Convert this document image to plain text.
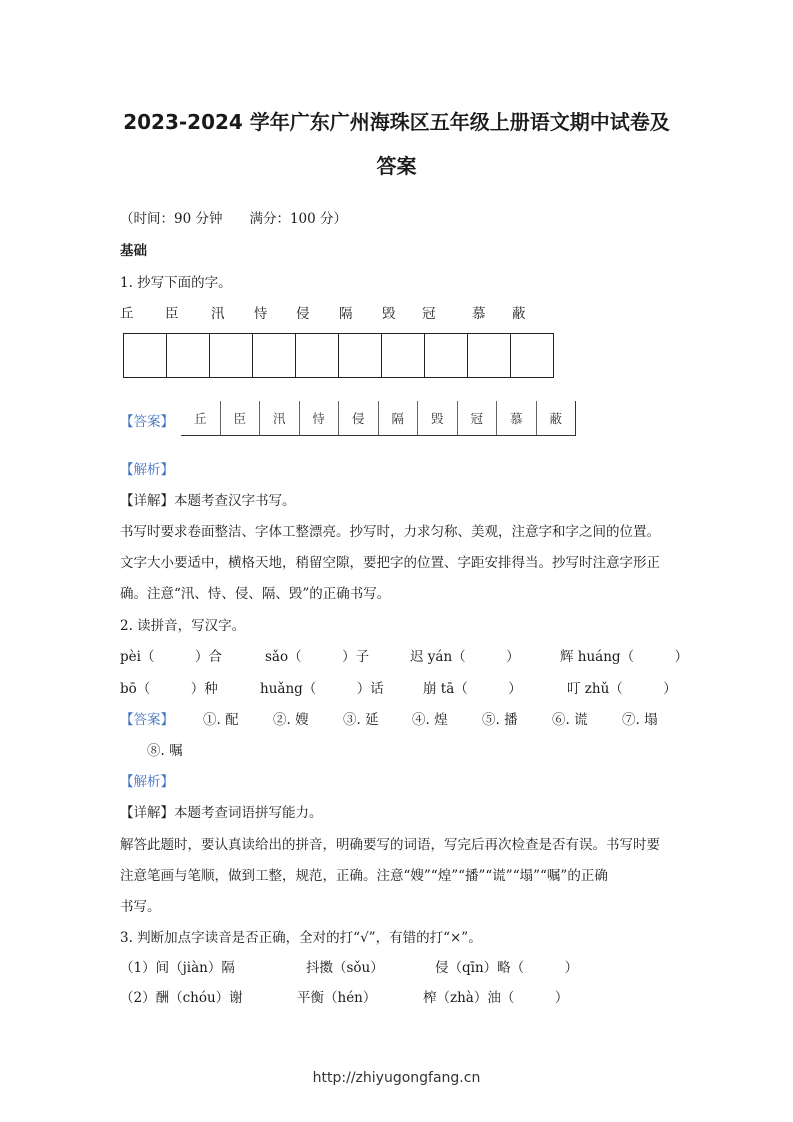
2023-2024 学年广东广州海珠区五年级上册语文期中试卷及
答案
（时间：90 分钟　　满分：100 分）
基础
1. 抄写下面的字。
丘 臣 汛 恃 侵 隔 毁 冠	慕 蔽
【答案】	丘	臣	汛	恃	侵	隔	毁	冠	慕	蔽
【解析】
【详解】本题考查汉字书写。
书写时要求卷面整洁、字体工整漂亮。抄写时，力求匀称、美观，注意字和字之间的位置。
文字大小要适中，横格天地，稍留空隙，要把字的位置、字距安排得当。抄写时注意字形正
确。注意“汛、恃、侵、隔、毁”的正确书写。
2. 读拼音，写汉字。
pèi（　　　）合	sǎo（　　　）子	迟 yán（　　　）	辉 huáng（　　　）
bō（　　　）种	huǎng（　　　）话	崩 tā（　　　）	叮 zhǔ（　　　）
【答案】 ①. 配	②. 嫂	③. 延 ④. 煌	⑤. 播	⑥. 谎	⑦. 塌
⑧. 嘱
【解析】
【详解】本题考查词语拼写能力。
解答此题时，要认真读给出的拼音，明确要写的词语，写完后再次检查是否有误。书写时要
注意笔画与笔顺，做到工整，规范，正确。注意“嫂”“煌”“播”“谎”“塌”“嘱”的正确
书写。
3. 判断加点字读音是否正确，全对的打“√”，有错的打“×”。
（1）间（jiàn）隔	抖擞（sǒu）	侵（qīn）略（　　　）
（2）酬（chóu）谢	平衡（hén）	榨（zhà）油（　　　）
http://zhiyugongfang.cn
